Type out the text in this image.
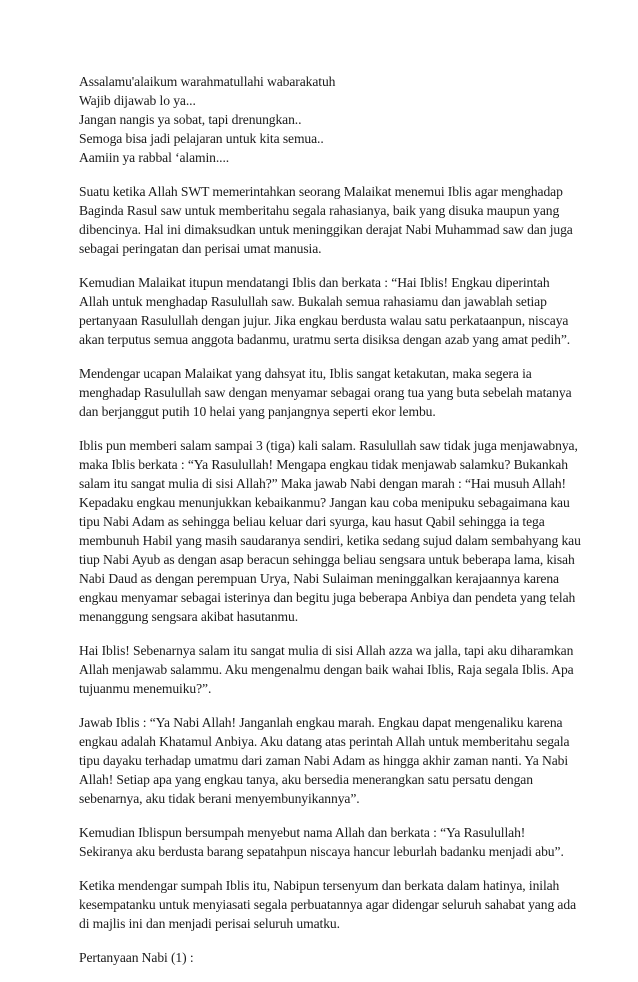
Assalamu'alaikum warahmatullahi wabarakatuh
Wajib dijawab lo ya...
Jangan nangis ya sobat, tapi drenungkan..
Semoga bisa jadi pelajaran untuk kita semua..
Aamiin ya rabbal ‘alamin....
Suatu ketika Allah SWT memerintahkan seorang Malaikat menemui Iblis agar menghadap
Baginda Rasul saw untuk memberitahu segala rahasianya, baik yang disuka maupun yang
dibencinya. Hal ini dimaksudkan untuk meninggikan derajat Nabi Muhammad saw dan juga
sebagai peringatan dan perisai umat manusia.
Kemudian Malaikat itupun mendatangi Iblis dan berkata : “Hai Iblis! Engkau diperintah
Allah untuk menghadap Rasulullah saw. Bukalah semua rahasiamu dan jawablah setiap
pertanyaan Rasulullah dengan jujur. Jika engkau berdusta walau satu perkataanpun, niscaya
akan terputus semua anggota badanmu, uratmu serta disiksa dengan azab yang amat pedih”.
Mendengar ucapan Malaikat yang dahsyat itu, Iblis sangat ketakutan, maka segera ia
menghadap Rasulullah saw dengan menyamar sebagai orang tua yang buta sebelah matanya
dan berjanggut putih 10 helai yang panjangnya seperti ekor lembu.
Iblis pun memberi salam sampai 3 (tiga) kali salam. Rasulullah saw tidak juga menjawabnya,
maka Iblis berkata : “Ya Rasulullah! Mengapa engkau tidak menjawab salamku? Bukankah
salam itu sangat mulia di sisi Allah?” Maka jawab Nabi dengan marah : “Hai musuh Allah!
Kepadaku engkau menunjukkan kebaikanmu? Jangan kau coba menipuku sebagaimana kau
tipu Nabi Adam as sehingga beliau keluar dari syurga, kau hasut Qabil sehingga ia tega
membunuh Habil yang masih saudaranya sendiri, ketika sedang sujud dalam sembahyang kau
tiup Nabi Ayub as dengan asap beracun sehingga beliau sengsara untuk beberapa lama, kisah
Nabi Daud as dengan perempuan Urya, Nabi Sulaiman meninggalkan kerajaannya karena
engkau menyamar sebagai isterinya dan begitu juga beberapa Anbiya dan pendeta yang telah
menanggung sengsara akibat hasutanmu.
Hai Iblis! Sebenarnya salam itu sangat mulia di sisi Allah azza wa jalla, tapi aku diharamkan
Allah menjawab salammu. Aku mengenalmu dengan baik wahai Iblis, Raja segala Iblis. Apa
tujuanmu menemuiku?”.
Jawab Iblis : “Ya Nabi Allah! Janganlah engkau marah. Engkau dapat mengenaliku karena
engkau adalah Khatamul Anbiya. Aku datang atas perintah Allah untuk memberitahu segala
tipu dayaku terhadap umatmu dari zaman Nabi Adam as hingga akhir zaman nanti. Ya Nabi
Allah! Setiap apa yang engkau tanya, aku bersedia menerangkan satu persatu dengan
sebenarnya, aku tidak berani menyembunyikannya”.
Kemudian Iblispun bersumpah menyebut nama Allah dan berkata : “Ya Rasulullah!
Sekiranya aku berdusta barang sepatahpun niscaya hancur leburlah badanku menjadi abu”.
Ketika mendengar sumpah Iblis itu, Nabipun tersenyum dan berkata dalam hatinya, inilah
kesempatanku untuk menyiasati segala perbuatannya agar didengar seluruh sahabat yang ada
di majlis ini dan menjadi perisai seluruh umatku.
Pertanyaan Nabi (1) :
